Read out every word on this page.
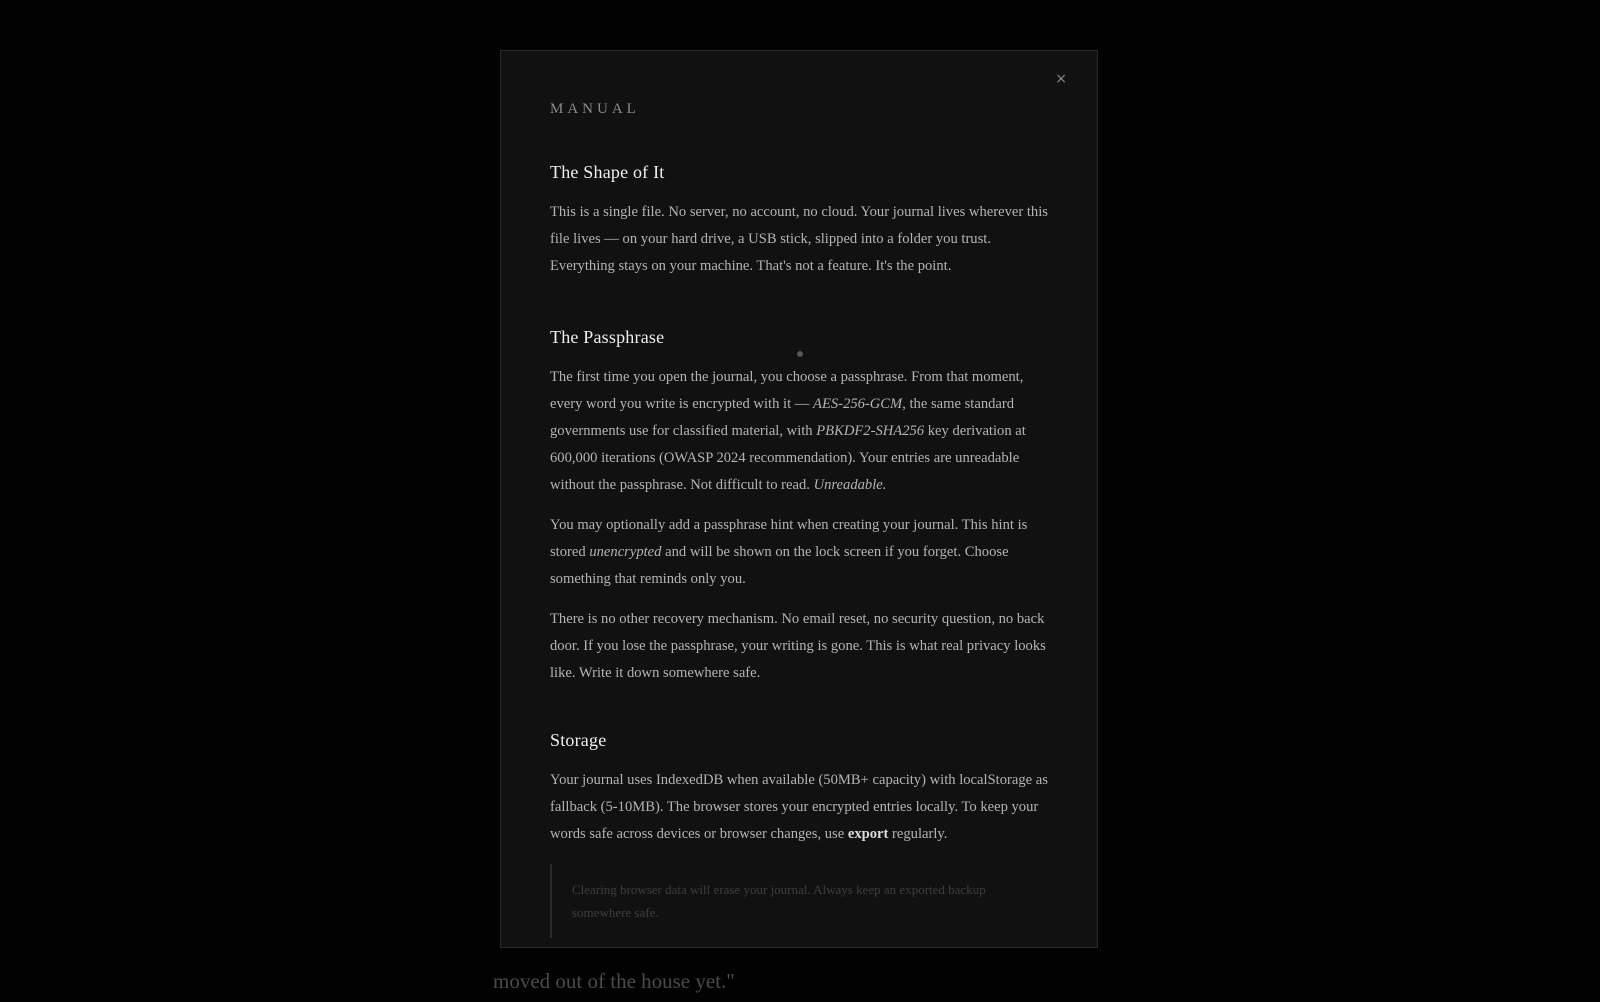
moved out of the house yet."
×
MANUAL
The Shape of It

This is a single file. No server, no account, no cloud. Your journal lives wherever this file lives — on your hard drive, a USB stick, slipped into a folder you trust. Everything stays on your machine. That's not a feature. It's the point.

The Passphrase

The first time you open the journal, you choose a passphrase. From that moment, every word you write is encrypted with it — AES-256-GCM, the same standard governments use for classified material, with PBKDF2-SHA256 key derivation at 600,000 iterations (OWASP 2024 recommendation). Your entries are unreadable without the passphrase. Not difficult to read. Unreadable.

You may optionally add a passphrase hint when creating your journal. This hint is stored unencrypted and will be shown on the lock screen if you forget. Choose something that reminds only you.

There is no other recovery mechanism. No email reset, no security question, no back door. If you lose the passphrase, your writing is gone. This is what real privacy looks like. Write it down somewhere safe.

Storage

Your journal uses IndexedDB when available (50MB+ capacity) with localStorage as fallback (5-10MB). The browser stores your encrypted entries locally. To keep your words safe across devices or browser changes, use export regularly.

Clearing browser data will erase your journal. Always keep an exported backup somewhere safe.
